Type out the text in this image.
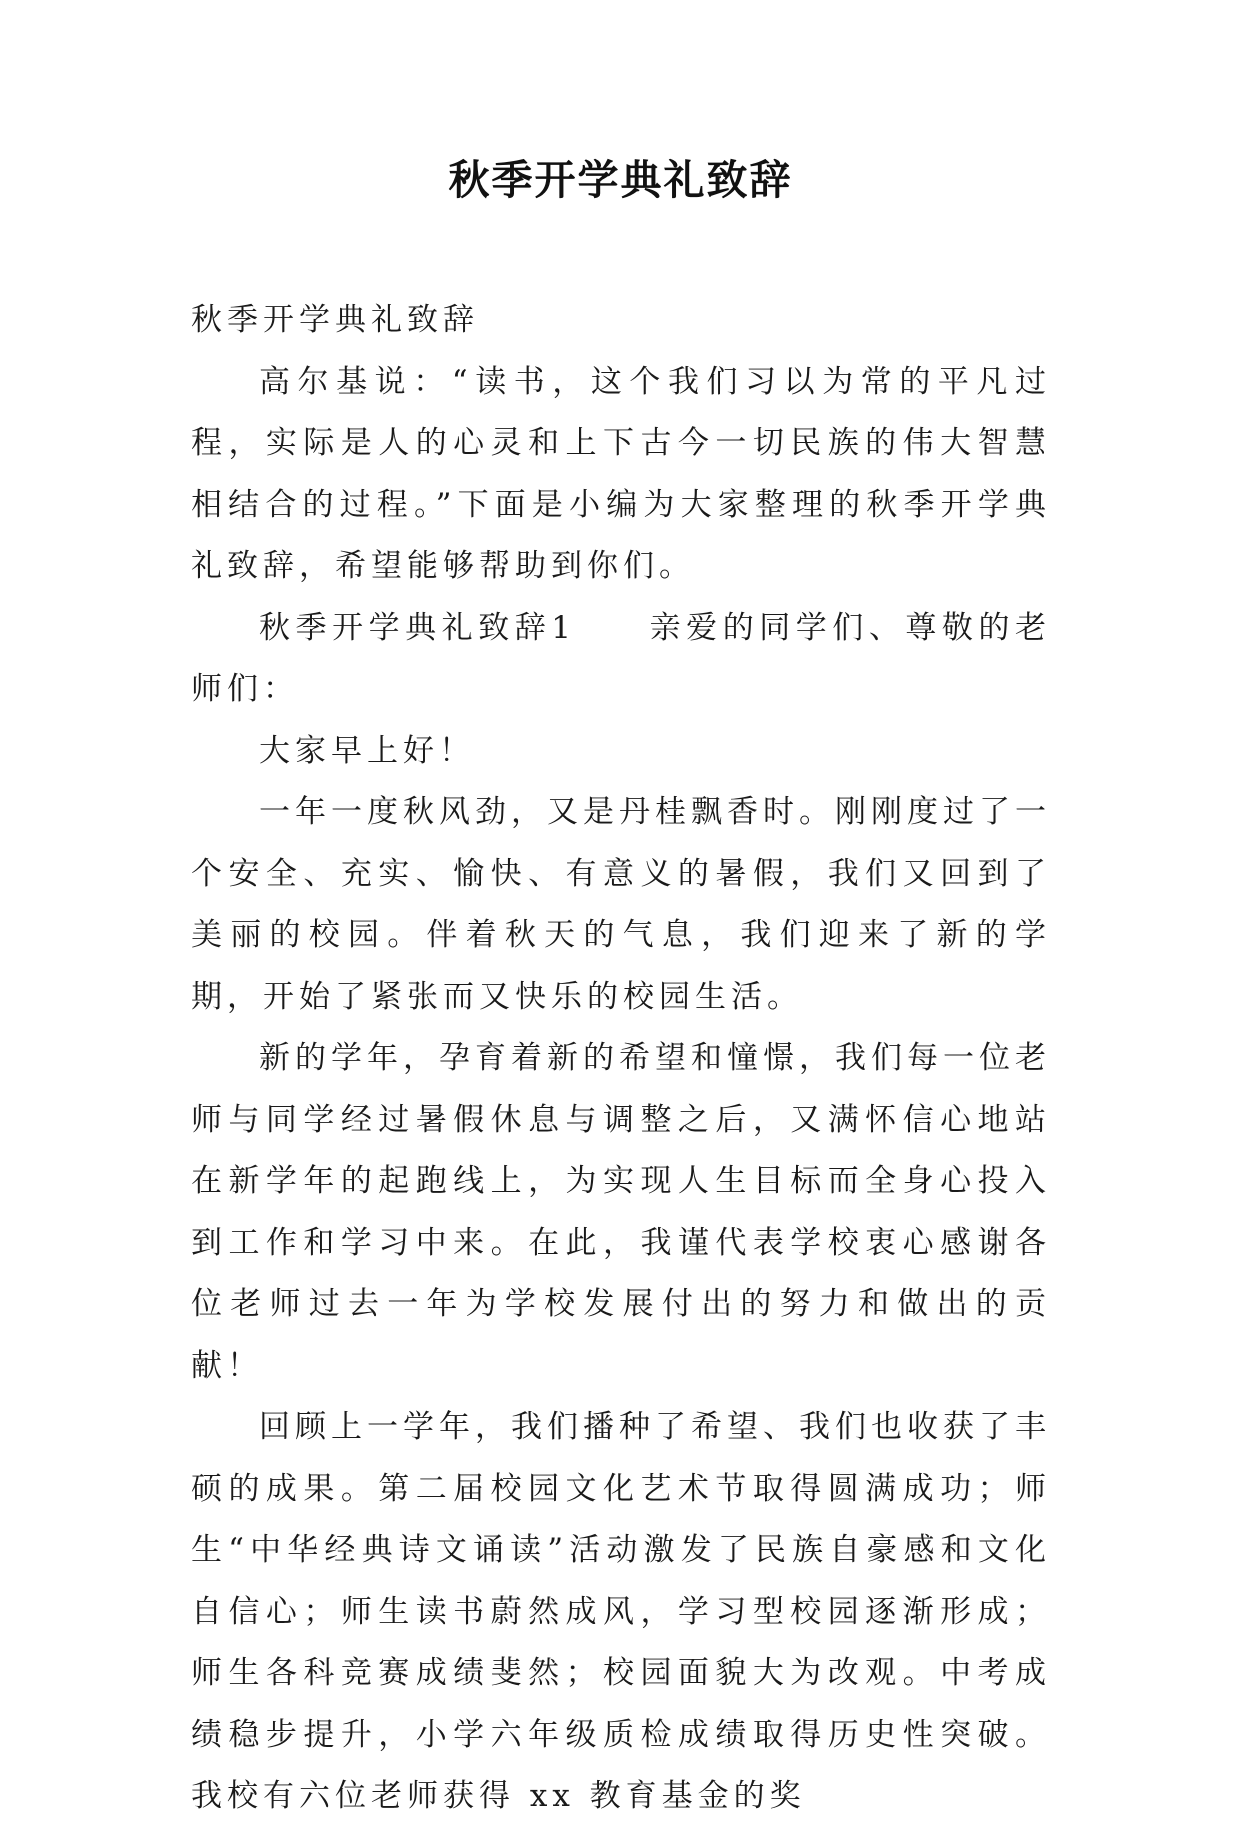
秋季开学典礼致辞

秋季开学典礼致辞

高尔基说：“读书，这个我们习以为常的平凡过程，实际是人的心灵和上下古今一切民族的伟大智慧相结合的过程。”下面是小编为大家整理的秋季开学典礼致辞，希望能够帮助到你们。

秋季开学典礼致辞1　　亲爱的同学们、尊敬的老师们：

大家早上好！

一年一度秋风劲，又是丹桂飘香时。刚刚度过了一个安全、充实、愉快、有意义的暑假，我们又回到了美丽的校园。伴着秋天的气息，我们迎来了新的学期，开始了紧张而又快乐的校园生活。

新的学年，孕育着新的希望和憧憬，我们每一位老师与同学经过暑假休息与调整之后，又满怀信心地站在新学年的起跑线上，为实现人生目标而全身心投入到工作和学习中来。在此，我谨代表学校衷心感谢各位老师过去一年为学校发展付出的努力和做出的贡献！

回顾上一学年，我们播种了希望、我们也收获了丰硕的成果。第二届校园文化艺术节取得圆满成功；师生“中华经典诗文诵读”活动激发了民族自豪感和文化自信心；师生读书蔚然成风，学习型校园逐渐形成；师生各科竞赛成绩斐然；校园面貌大为改观。中考成绩稳步提升，小学六年级质检成绩取得历史性突破。我校有六位老师获得 xx 教育基金的奖
